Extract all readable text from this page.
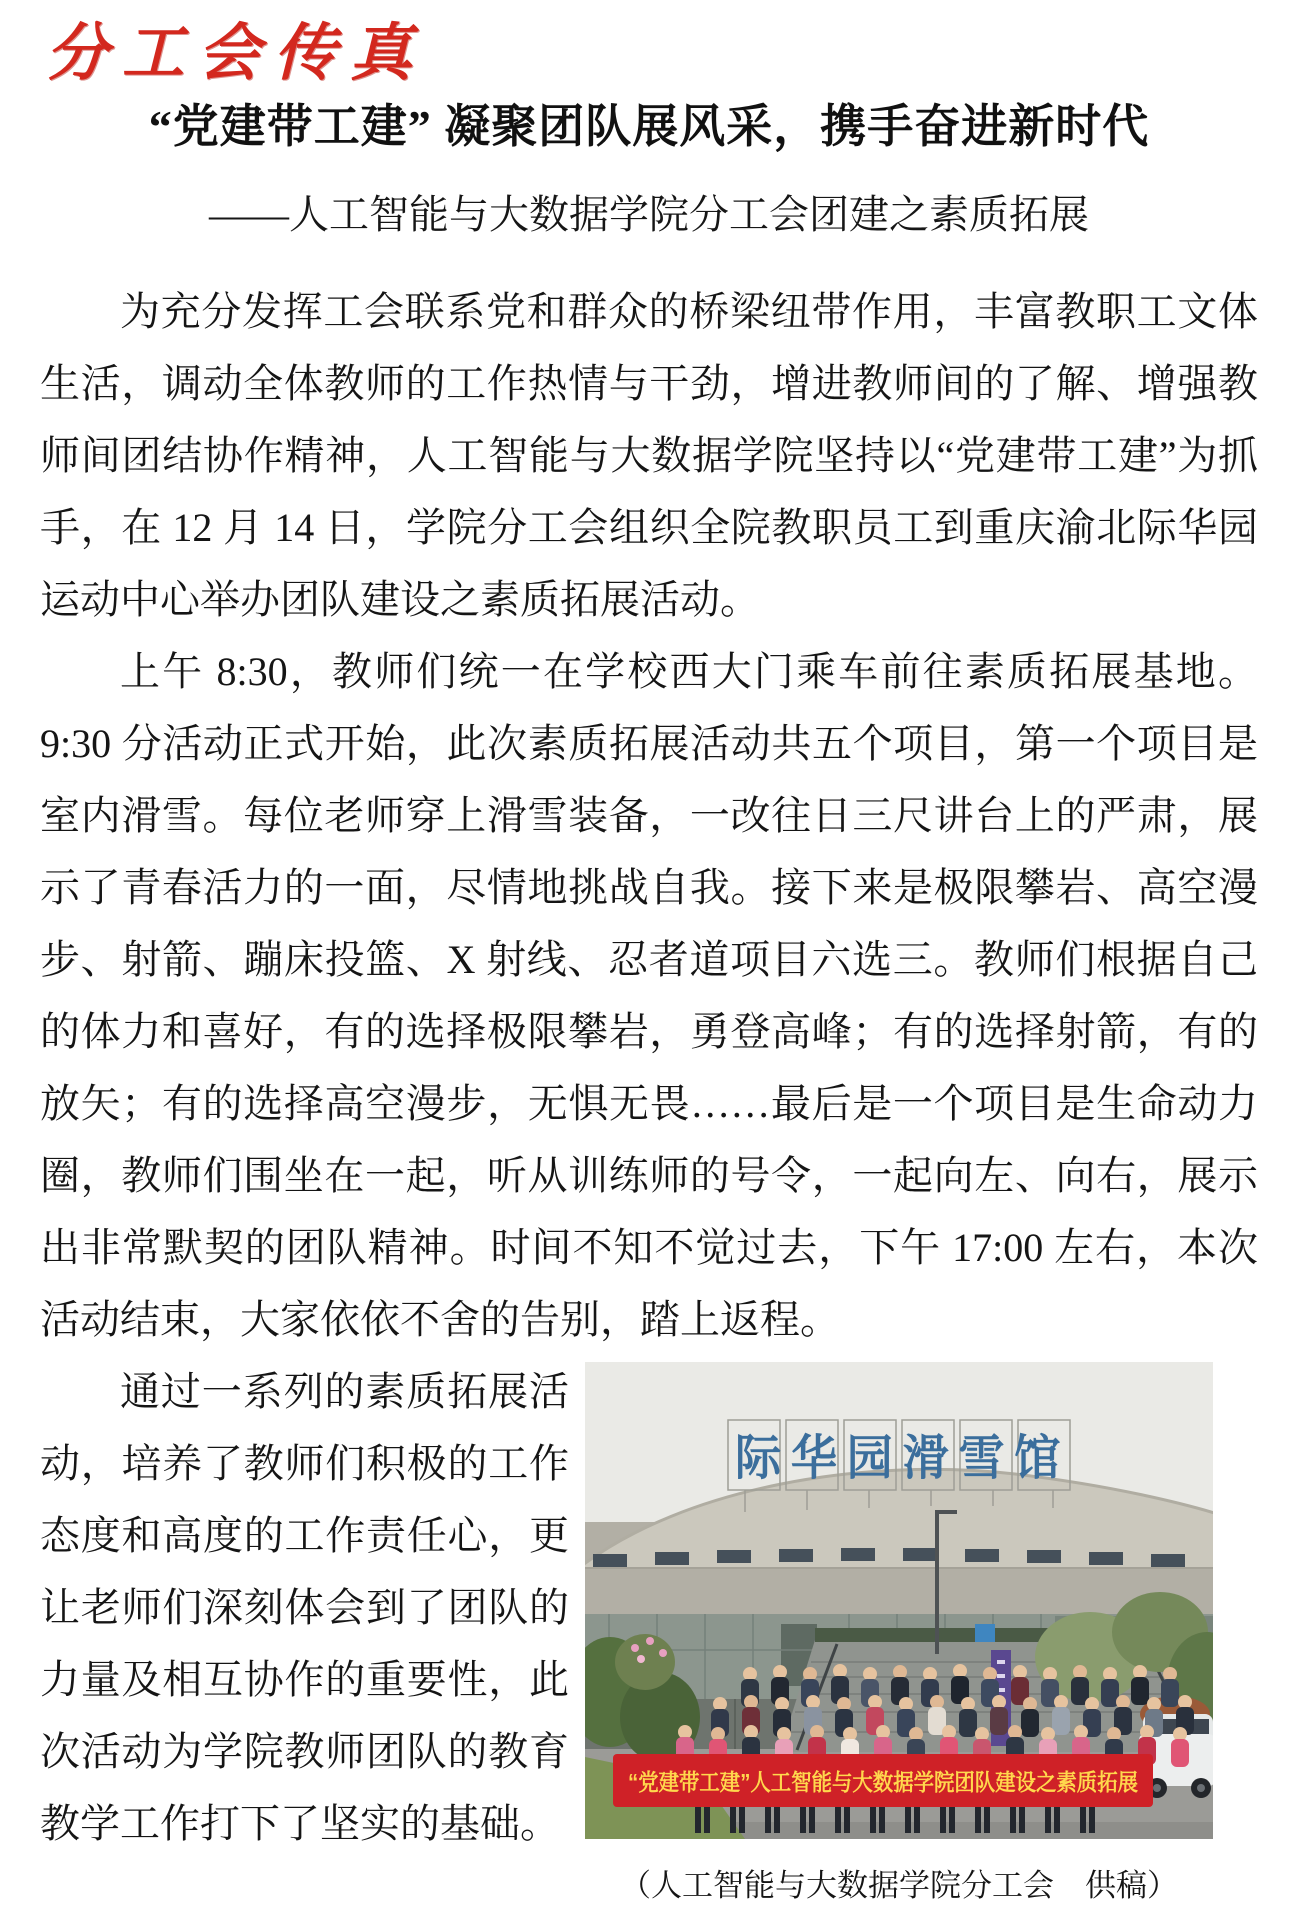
分工会传真
“党建带工建” 凝聚团队展风采，携手奋进新时代
——人工智能与大数据学院分工会团建之素质拓展

为充分发挥工会联系党和群众的桥梁纽带作用，丰富教职工文体生活，调动全体教师的工作热情与干劲，增进教师间的了解、增强教师间团结协作精神，人工智能与大数据学院坚持以“党建带工建”为抓手，在 12 月 14 日，学院分工会组织全院教职员工到重庆渝北际华园运动中心举办团队建设之素质拓展活动。

上午 8:30，教师们统一在学校西大门乘车前往素质拓展基地。9:30 分活动正式开始，此次素质拓展活动共五个项目，第一个项目是室内滑雪。每位老师穿上滑雪装备，一改往日三尺讲台上的严肃，展示了青春活力的一面，尽情地挑战自我。接下来是极限攀岩、高空漫步、射箭、蹦床投篮、X 射线、忍者道项目六选三。教师们根据自己的体力和喜好，有的选择极限攀岩，勇登高峰；有的选择射箭，有的放矢；有的选择高空漫步，无惧无畏……最后是一个项目是生命动力圈，教师们围坐在一起，听从训练师的号令，一起向左、向右，展示出非常默契的团队精神。时间不知不觉过去，下午 17:00 左右，本次活动结束，大家依依不舍的告别，踏上返程。

际华园滑雪馆
“党建带工建”人工智能与大数据学院团队建设之素质拓展

通过一系列的素质拓展活动，培养了教师们积极的工作态度和高度的工作责任心，更让老师们深刻体会到了团队的力量及相互协作的重要性，此次活动为学院教师团队的教育教学工作打下了坚实的基础。

（人工智能与大数据学院分工会　供稿）
